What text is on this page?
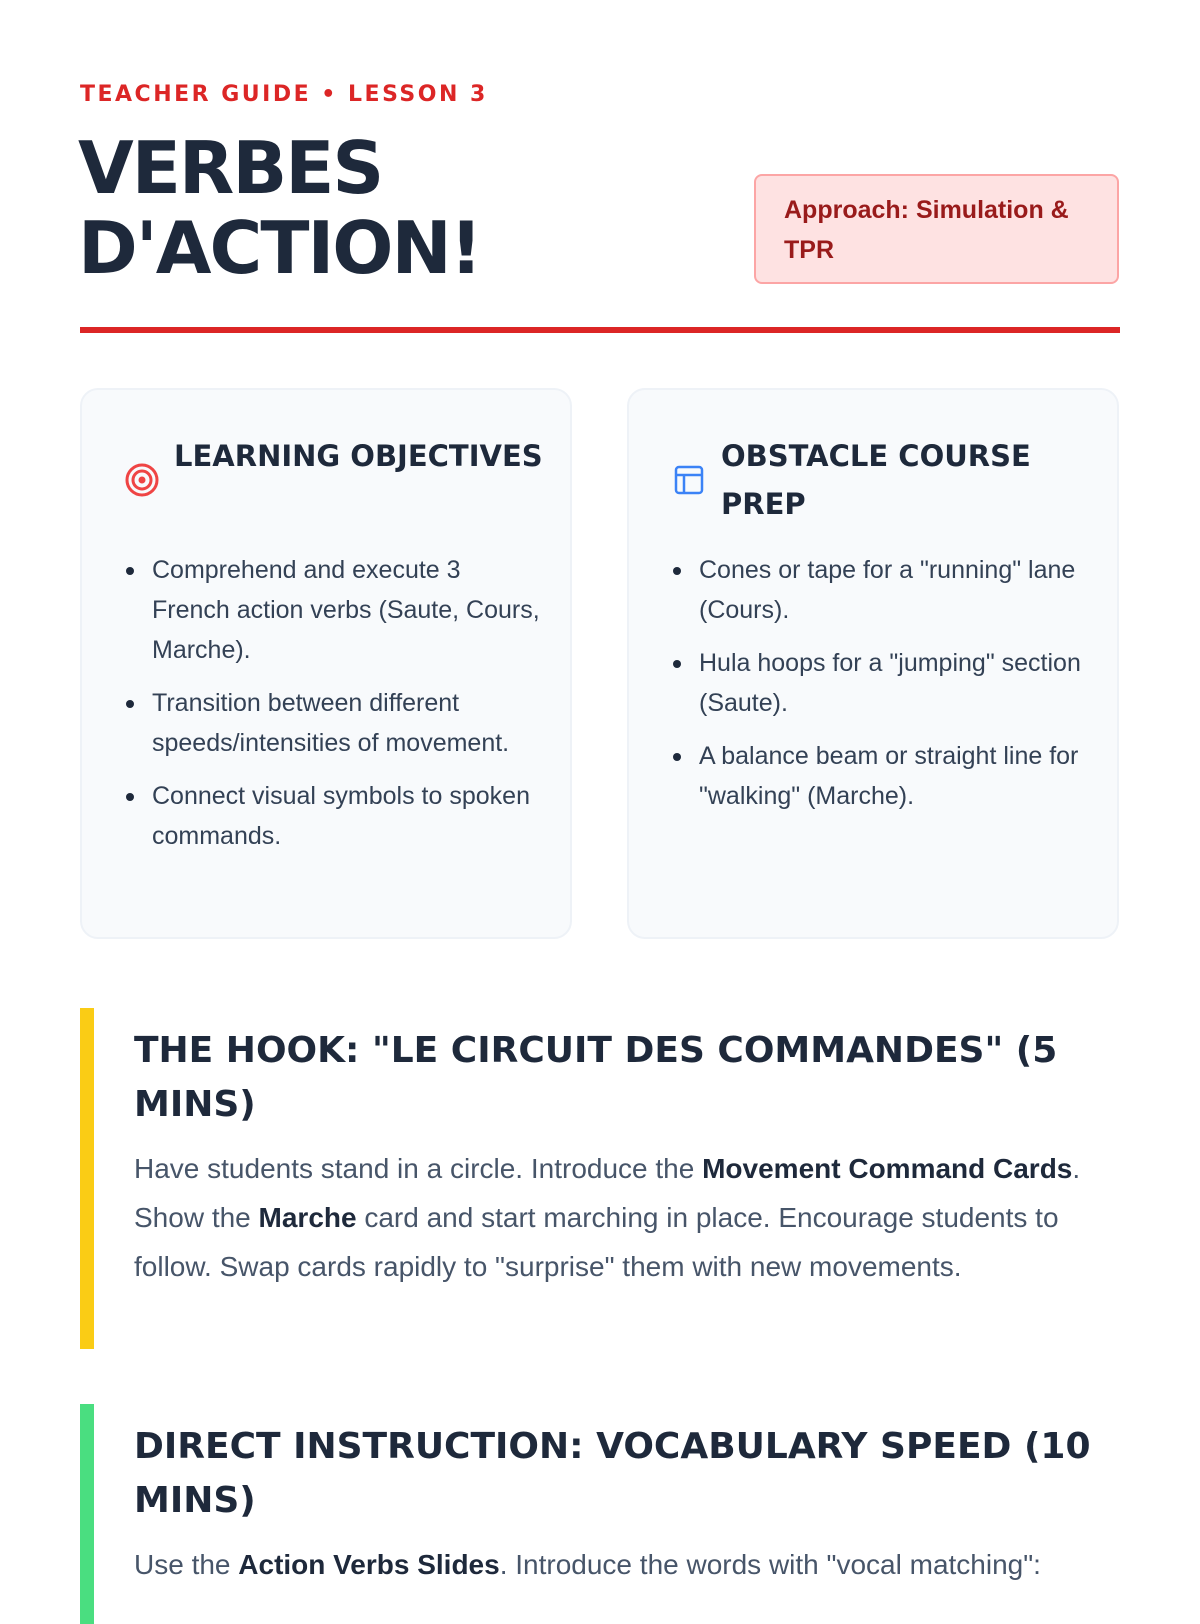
TEACHER GUIDE • LESSON 3
VERBES
D'ACTION!	Approach: Simulation & TPR
LEARNING OBJECTIVES
Comprehend and execute 3 French action verbs (Saute, Cours, Marche).
Transition between different speeds/intensities of movement.
Connect visual symbols to spoken commands.
OBSTACLE COURSE PREP
Cones or tape for a "running" lane (Cours).
Hula hoops for a "jumping" section (Saute).
A balance beam or straight line for "walking" (Marche).
THE HOOK: "LE CIRCUIT DES COMMANDES" (5 MINS)

Have students stand in a circle. Introduce the Movement Command Cards. Show the Marche card and start marching in place. Encourage students to follow. Swap cards rapidly to "surprise" them with new movements.

DIRECT INSTRUCTION: VOCABULARY SPEED (10 MINS)

Use the Action Verbs Slides. Introduce the words with "vocal matching":
